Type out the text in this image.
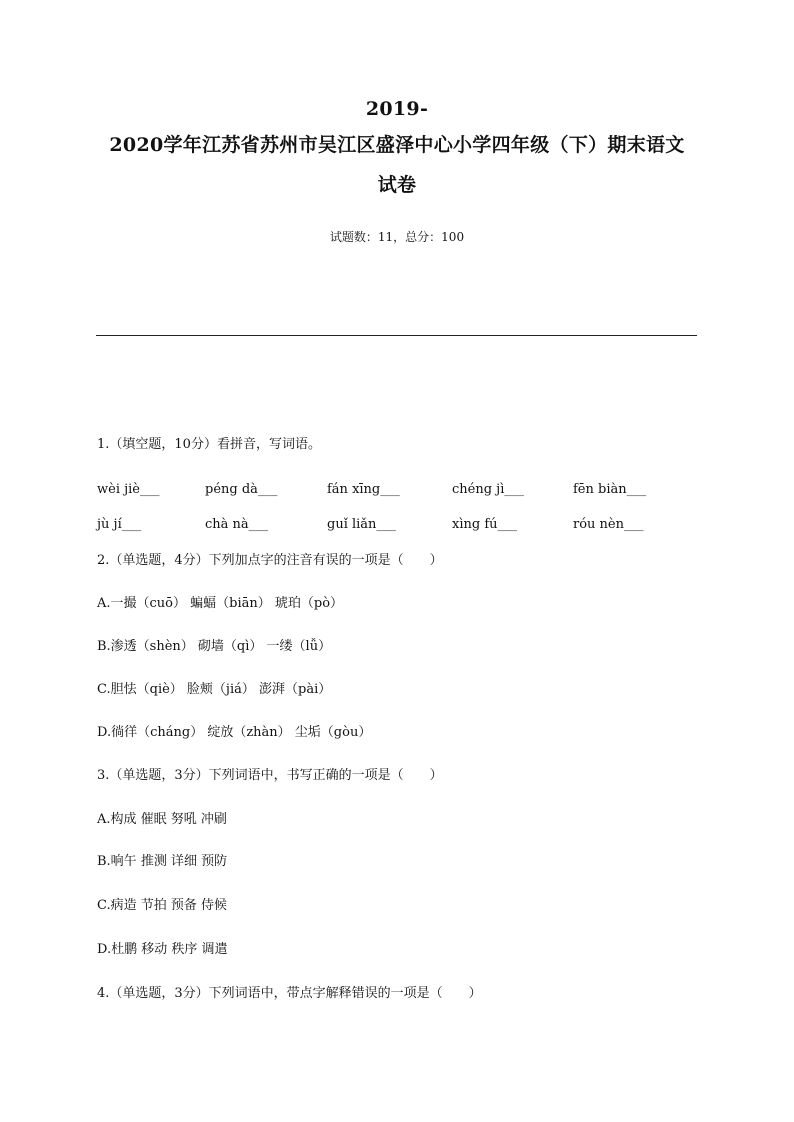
2019-
2020学年江苏省苏州市吴江区盛泽中心小学四年级（下）期末语文
试卷
试题数：11，总分：100
1.（填空题，10分）看拼音，写词语。
wèi jiè___	péng dà___	fán xīng___	chéng jì___	fēn biàn___
jù jí___	chà nà___	guǐ liǎn___	xìng fú___	róu nèn___
2.（单选题，4分）下列加点字的注音有误的一项是（　　）
A.一撮（cuō） 蝙蝠（biān） 琥珀（pò）
B.渗透（shèn） 砌墙（qì） 一缕（lǚ）
C.胆怯（qiè） 脸颊（jiá） 澎湃（pài）
D.徜徉（cháng） 绽放（zhàn） 尘垢（gòu）
3.（单选题，3分）下列词语中，书写正确的一项是（　　）
A.构成 催眠 努吼 冲刷
B.响午 推测 详细 预防
C.病造 节拍 预备 侍候
D.杜鹏 移动 秩序 调遣
4.（单选题，3分）下列词语中，带点字解释错误的一项是（　　）
